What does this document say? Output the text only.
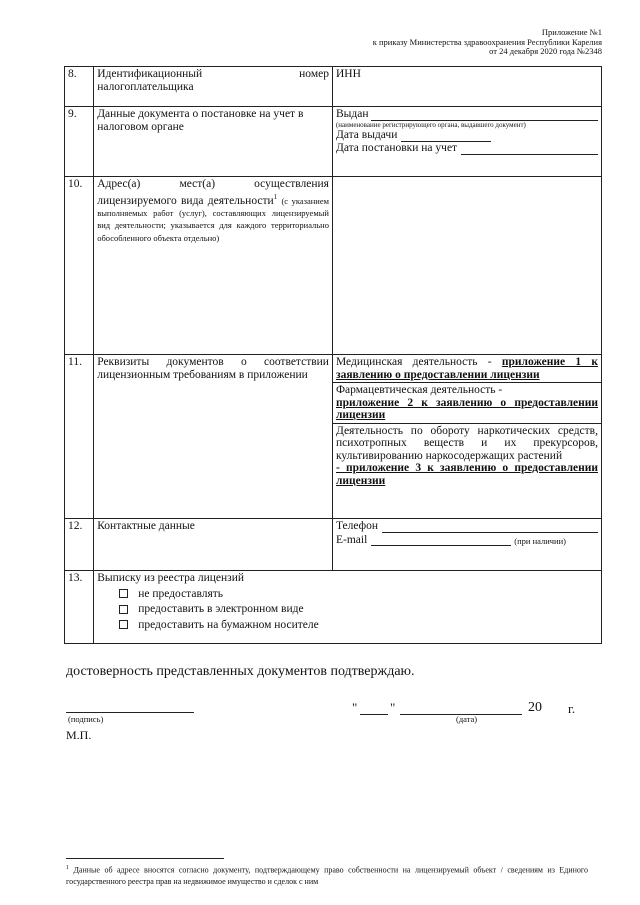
Приложение №1
к приказу Министерства здравоохранения Республики Карелия
от 24 декабря 2020 года №2348
8.	Идентификационный номер
налогоплательщика	ИНН
9.	Данные документа о постановке на учет в налоговом органе	Выдан
(наименование регистрирующего органа, выдавшего документ)
Дата выдачи
Дата постановки на учет

10.	Адрес(а) мест(а) осуществления лицензируемого вида деятельности$^1$ (с указанием выполняемых работ (услуг), составляющих лицензируемый вид деятельности; указывается для каждого территориально обособленного объекта отдельно)	
11.	Реквизиты документов о соответствии лицензионным требованиям в приложении	Медицинская деятельность - приложение 1 к заявлению о предоставлении лицензии
Фармацевтическая деятельность -
приложение 2 к заявлению о предоставлении лицензии
Деятельность по обороту наркотических средств, психотропных веществ и их прекурсоров, культивированию наркосодержащих растений
- приложение 3 к заявлению о предоставлении лицензии

12.	Контактные данные	Телефон
E-mail (при наличии)

13.	Выписку из реестра лицензий
не предоставлять
предоставить в электронном виде
предоставить на бумажном носителе	
достоверность представленных документов подтверждаю.
(подпись)
М.П.
"	"	20 г.
(дата)
$^1$ Данные об адресе вносятся согласно документу, подтверждающему право собственности на лицензируемый объект / сведениям из Единого государственного реестра прав на недвижимое имущество и сделок с ним
